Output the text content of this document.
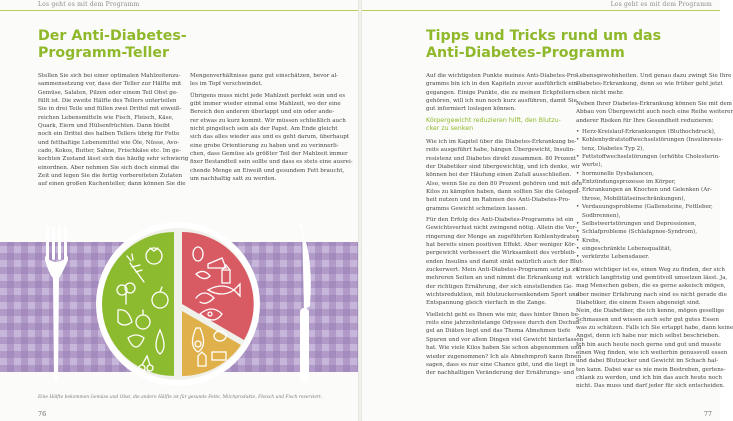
Los geht es mit dem Programm
Der Anti-Diabetes-
Programm-Teller

Stellen Sie sich bei einer optimalen Mahlzeitenzu-
sammensetzung vor, dass der Teller zur Hälfte mit
Gemüse, Salaten, Pilzen oder einem Teil Obst ge-
füllt ist. Die zweite Hälfte des Tellers unterteilen
Sie in drei Teile und füllen zwei Drittel mit eiweiß-
reichen Lebensmitteln wie Fisch, Fleisch, Käse,
Quark, Eiern und Hülsenfrüchten. Dann bleibt
noch ein Drittel des halben Tellers übrig für Fette
und fetthaltige Lebensmittel wie Öle, Nüsse, Avo-
cado, Kokos, Butter, Sahne, Frischkäse etc. Im ge-
kochten Zustand lässt sich das häufig sehr schwierig
einordnen. Aber nehmen Sie sich doch einmal die
Zeit und legen Sie die fertig vorbereiteten Zutaten
auf einen großen Kuchenteller, dann können Sie die

Mengenverhältnisse ganz gut einschätzen, bevor al-
les im Topf verschwindet.

Übrigens muss nicht jede Mahlzeit perfekt sein und es
gibt immer wieder einmal eine Mahlzeit, wo der eine
Bereich den anderen überlappt und ein oder ande-
rer etwas zu kurz kommt. Wir müssen schließlich auch
nicht pingelisch sein als der Papst. Am Ende gleicht
sich das alles wieder aus und es geht darum, überhaupt
eine grobe Orientierung zu haben und zu verinnerli-
chen, dass Gemüse als größter Teil der Mahlzeit immer
fixer Bestandteil sein sollte und dass es stets eine ausrei-
chende Menge an Eiweiß und gesundem Fett braucht,
um nachhaltig satt zu werden.

Eine Hälfte bekommen Gemüse und Obst, die andere Hälfte ist für gesunde Fette, Milchprodukte, Fleisch und Fisch reserviert.
76
Los geht es mit dem Programm
Tipps und Tricks rund um das
Anti-Diabetes-Programm

Auf die wichtigsten Punkte meines Anti-Diabetes-Pro-
gramms bin ich in den Kapiteln zuvor ausführlich ein-
gegangen. Einige Punkte, die zu meinen Eckpfeilern
gehören, will ich nun noch kurz ausführen, damit Sie
gut informiert loslegen können.

Körpergewicht reduzieren hilft, den Blutzu-
cker zu senken

Wie ich im Kapitel über die Diabetes-Erkrankung be-
reits ausgeführt habe, hängen Übergewicht, Insulin-
resistenz und Diabetes direkt zusammen. 80 Prozent
der Diabetiker sind übergewichtig, und ich denke, wir
können bei der Häufung einen Zufall ausschließen.
Also, wenn Sie zu den 80 Prozent gehören und mit den
Kilos zu kämpfen haben, dann sollten Sie die Gelegen-
heit nutzen und im Rahmen des Anti-Diabetes-Pro-
gramms Gewicht schmelzen lassen.

Für den Erfolg des Anti-Diabetes-Programms ist ein
Gewichtsverlust nicht zwingend nötig. Allein die Ver-
ringerung der Menge an zugeführten Kohlenhydraten
hat bereits einen positiven Effekt. Aber weniger Kör-
pergewicht verbessert die Wirksamkeit des verbleib-
enden Insulins und damit sinkt natürlich auch der Blut-
zuckerwert. Mein Anti-Diabetes-Programm setzt ja zu
mehreren Seiten an und nimmt die Erkrankung mit
der richtigen Ernährung, der sich einstellenden Ge-
wichtsreduktion, mit blutzuckersenkendem Sport und
Entspannung gleich vierfach in die Zange.

Vielleicht geht es Ihnen wie mir, dass hinter Ihnen be-
reits eine jahrzehntelange Odyssee durch den Dschun-
gel an Diäten liegt und das Thema Abnehmen tiefe
Spuren und vor allem Dingen viel Gewicht hinterlassen
hat. Wie viele Kilos haben Sie schon abgenommen und
wieder zugenommen? Ich als Abnehmprofi kann Ihnen
sagen, dass es nur eine Chance gibt, und die liegt in
der nachhaltigen Veränderung der Ernährungs- und

Lebensgewohnheiten. Und genau dazu zwingt Sie Ihre
Diabetes-Erkrankung, denn so wie früher geht jetzt
eben nicht mehr.

Neben Ihrer Diabetes-Erkrankung können Sie mit dem
Abbau von Übergewicht auch noch eine Reihe weiterer
anderer Risiken für Ihre Gesundheit reduzieren:

• Herz-Kreislauf-Erkrankungen (Bluthochdruck),
• Kohlenhydratstoffwechselstörungen (Insulinresis-
tenz, Diabetes Typ 2),
• Fettstoffwechselstörungen (erhöhte Cholesterin-
werte),
• hormonelle Dysbalancen,
• Entzündungsprozesse im Körper,
• Erkrankungen an Knochen und Gelenken (Ar-
throse, Mobilitätseinschränkungen),
• Verdauungsprobleme (Gallensteine, Fettleber,
Sodbrennen),
• Selbstwertstörungen und Depressionen,
• Schlafprobleme (Schlafapnoe-Syndrom),
• Krebs,
• eingeschränkte Lebensqualität,
• verkürzte Lebensdauer.

Umso wichtiger ist es, einen Weg zu finden, der sich
wirklich langfristig und gemütvoll umsetzen lässt. Ja,
mag Menschen geben, die es gerne askeisch mögen,
aber meiner Erfahrung nach sind es nicht gerade die
Diabetiker, die einem Essen abgeneigt sind.
Nein, die Diabetiker, die ich kenne, mögen gesellige
Schmausen und wissen auch sehr gut gutes Essen
was zu schätzen. Falls ich Sie ertappt habe, dann keine
Angst, denn ich habe nur mich selbst beschrieben.
Ich bin auch heute noch gerne und gut und musste
einen Weg finden, wie ich weiterhin genussvoll essen
und dabei Blutzucker und Gewicht im Schach hal-
ten kann. Dabei war es nie mein Bestreben, gertens-
chlank zu werden, und ich bin das auch heute noch
nicht. Das muss und darf jeder für sich entscheiden.

77
